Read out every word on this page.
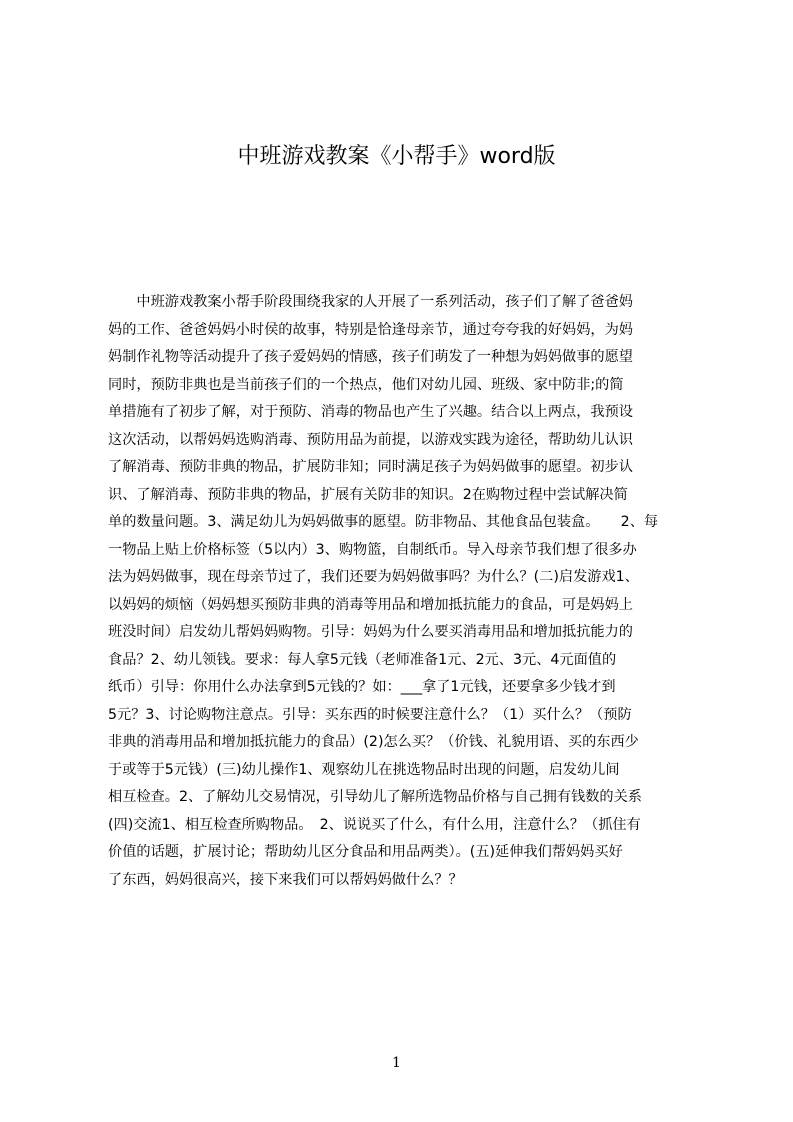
中班游戏教案《小帮手》word版
　　中班游戏教案小帮手阶段围绕我家的人开展了一系列活动，孩子们了解了爸爸妈
妈的工作、爸爸妈妈小时侯的故事，特别是恰逢母亲节，通过夸夸我的好妈妈，为妈
妈制作礼物等活动提升了孩子爱妈妈的情感，孩子们萌发了一种想为妈妈做事的愿望
同时，预防非典也是当前孩子们的一个热点，他们对幼儿园、班级、家中防非;的简
单措施有了初步了解，对于预防、消毒的物品也产生了兴趣。结合以上两点，我预设
这次活动，以帮妈妈选购消毒、预防用品为前提，以游戏实践为途径，帮助幼儿认识
了解消毒、预防非典的物品，扩展防非知；同时满足孩子为妈妈做事的愿望。初步认
识、了解消毒、预防非典的物品，扩展有关防非的知识。2在购物过程中尝试解决简
单的数量问题。3、满足幼儿为妈妈做事的愿望。防非物品、其他食品包装盒。　　2、每
一物品上贴上价格标签（5以内）3、购物篮，自制纸币。导入母亲节我们想了很多办
法为妈妈做事，现在母亲节过了，我们还要为妈妈做事吗？为什么？(二)启发游戏1、
以妈妈的烦恼（妈妈想买预防非典的消毒等用品和增加抵抗能力的食品，可是妈妈上
班没时间）启发幼儿帮妈妈购物。引导：妈妈为什么要买消毒用品和增加抵抗能力的
食品？2、幼儿领钱。要求：每人拿5元钱（老师准备1元、2元、3元、4元面值的
纸币）引导：你用什么办法拿到5元钱的？如：___拿了1元钱，还要拿多少钱才到
5元？3、讨论购物注意点。引导：买东西的时候要注意什么？（1）买什么？（预防
非典的消毒用品和增加抵抗能力的食品）(2)怎么买？（价钱、礼貌用语、买的东西少
于或等于5元钱）(三)幼儿操作1、观察幼儿在挑选物品时出现的问题，启发幼儿间
相互检查。2、了解幼儿交易情况，引导幼儿了解所选物品价格与自己拥有钱数的关系
(四)交流1、相互检查所购物品。　2、说说买了什么，有什么用，注意什么？（抓住有
价值的话题，扩展讨论；帮助幼儿区分食品和用品两类）。(五)延伸我们帮妈妈买好
了东西，妈妈很高兴，接下来我们可以帮妈妈做什么？？
1
